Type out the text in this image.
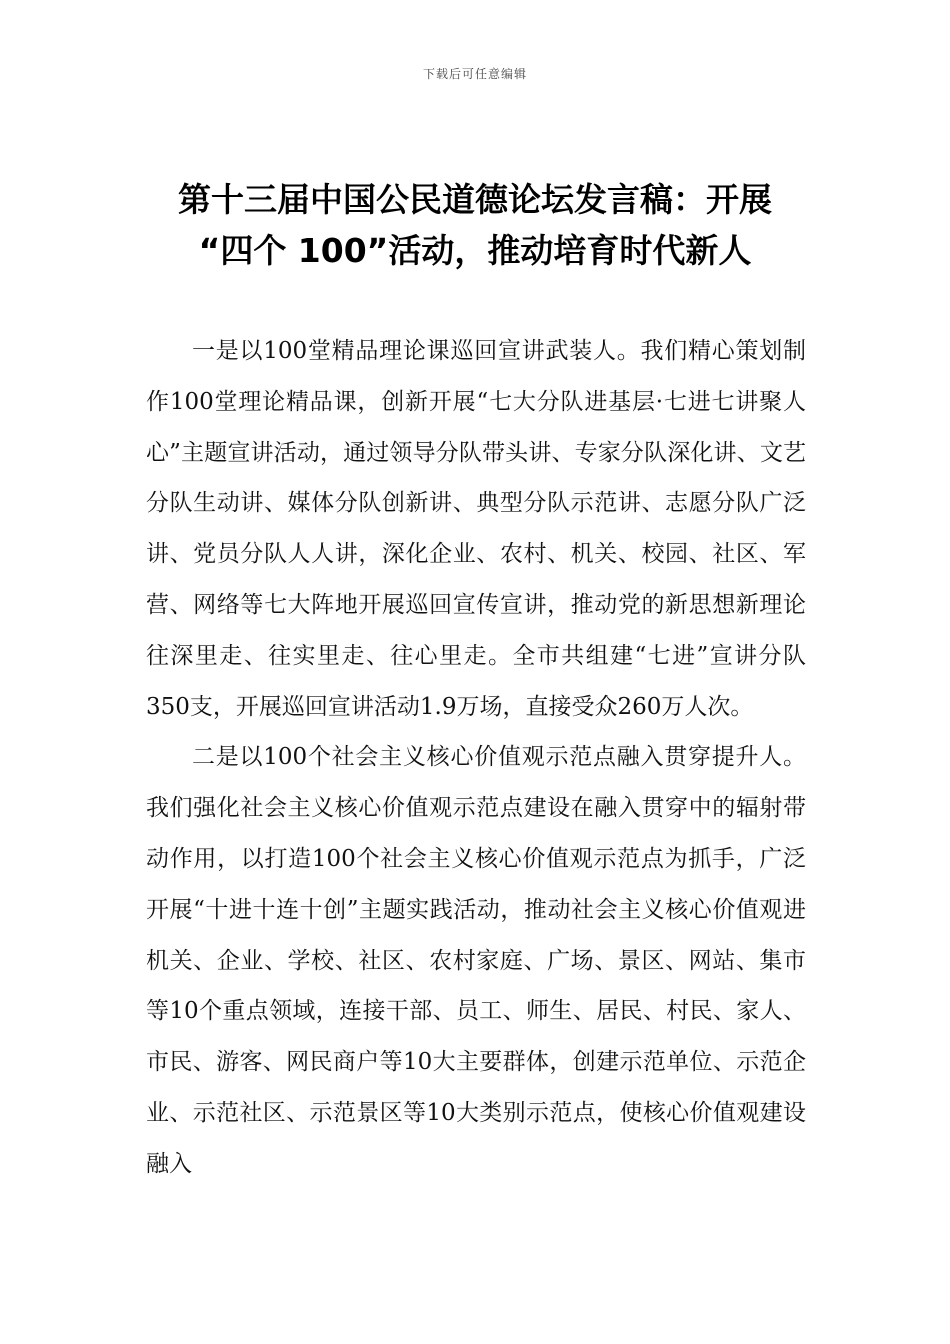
下载后可任意编辑
第十三届中国公民道德论坛发言稿：开展
“四个 100”活动，推动培育时代新人

一是以100堂精品理论课巡回宣讲武装人。我们精心策划制作100堂理论精品课，创新开展“七大分队进基层·七进七讲聚人心”主题宣讲活动，通过领导分队带头讲、专家分队深化讲、文艺分队生动讲、媒体分队创新讲、典型分队示范讲、志愿分队广泛讲、党员分队人人讲，深化企业、农村、机关、校园、社区、军营、网络等七大阵地开展巡回宣传宣讲，推动党的新思想新理论往深里走、往实里走、往心里走。全市共组建“七进”宣讲分队350支，开展巡回宣讲活动1.9万场，直接受众260万人次。

二是以100个社会主义核心价值观示范点融入贯穿提升人。我们强化社会主义核心价值观示范点建设在融入贯穿中的辐射带动作用，以打造100个社会主义核心价值观示范点为抓手，广泛开展“十进十连十创”主题实践活动，推动社会主义核心价值观进机关、企业、学校、社区、农村家庭、广场、景区、网站、集市等10个重点领域，连接干部、员工、师生、居民、村民、家人、市民、游客、网民商户等10大主要群体，创建示范单位、示范企业、示范社区、示范景区等10大类别示范点，使核心价值观建设融入
